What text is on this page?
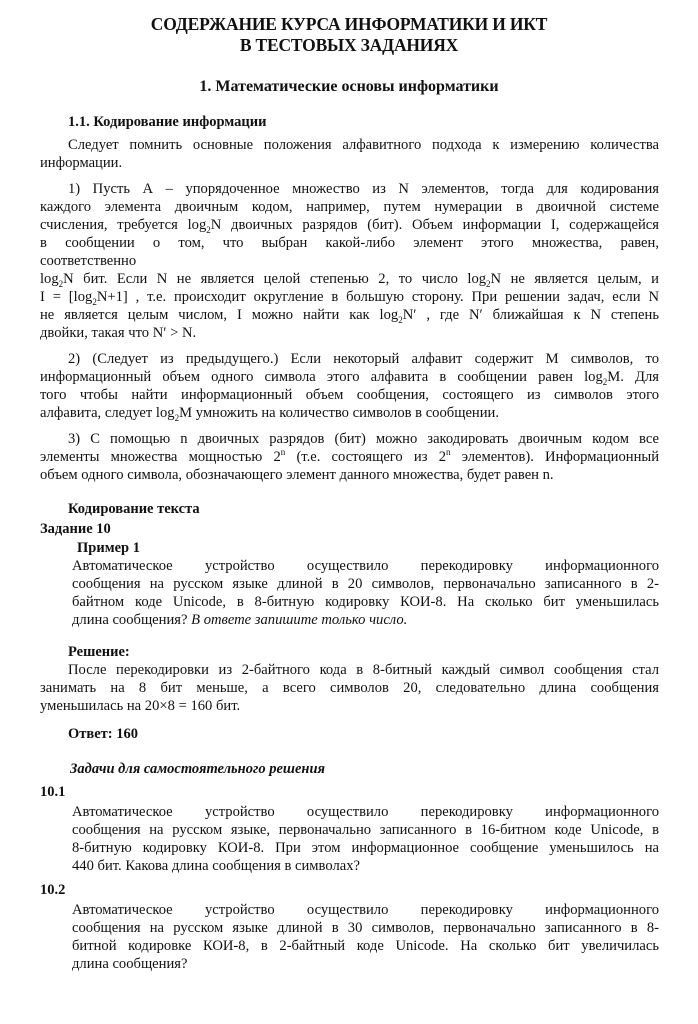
СОДЕРЖАНИЕ КУРСА ИНФОРМАТИКИ И ИКТ
В ТЕСТОВЫХ ЗАДАНИЯХ
1. Математические основы информатики
1.1. Кодирование информации
Следует помнить основные положения алфавитного подхода к измерению количества
информации.
1) Пусть А – упорядоченное множество из N элементов, тогда для кодирования
каждого элемента двоичным кодом, например, путем нумерации в двоичной системе
счисления, требуется $\log_2N$ двоичных разрядов (бит). Объем информации I, содержащейся
в сообщении о том, что выбран какой-либо элемент этого множества, равен,
соответственно
$\log_2N$ бит. Если N не является целой степенью 2, то число $\log_2N$ не является целым, и
$I = [\log_2N+1]$ , т.е. происходит округление в большую сторону. При решении задач, если N
не является целым числом, I можно найти как $\log_2N'$ , где N′ ближайшая к N степень
двойки, такая что N′ > N.
2) (Следует из предыдущего.) Если некоторый алфавит содержит M символов, то
информационный объем одного символа этого алфавита в сообщении равен $\log_2M$. Для
того чтобы найти информационный объем сообщения, состоящего из символов этого
алфавита, следует $\log_2M$ умножить на количество символов в сообщении.
3) С помощью n двоичных разрядов (бит) можно закодировать двоичным кодом все
элементы множества мощностью 2$^n$ (т.е. состоящего из 2$^n$ элементов). Информационный
объем одного символа, обозначающего элемент данного множества, будет равен n.
Кодирование текста
Задание 10
Пример 1
Автоматическое устройство осуществило перекодировку информационного
сообщения на русском языке длиной в 20 символов, первоначально записанного в 2-
байтном коде Unicode, в 8-битную кодировку КОИ-8. На сколько бит уменьшилась
длина сообщения? В ответе запишите только число.
Решение:
После перекодировки из 2-байтного кода в 8-битный каждый символ сообщения стал
занимать на 8 бит меньше, а всего символов 20, следовательно длина сообщения
уменьшилась на 20×8 = 160 бит.
Ответ: 160
Задачи для самостоятельного решения
10.1
Автоматическое устройство осуществило перекодировку информационного
сообщения на русском языке, первоначально записанного в 16-битном коде Unicode, в
8-битную кодировку КОИ-8. При этом информационное сообщение уменьшилось на
440 бит. Какова длина сообщения в символах?
10.2
Автоматическое устройство осуществило перекодировку информационного
сообщения на русском языке длиной в 30 символов, первоначально записанного в 8-
битной кодировке КОИ-8, в 2-байтный коде Unicode. На сколько бит увеличилась
длина сообщения?
